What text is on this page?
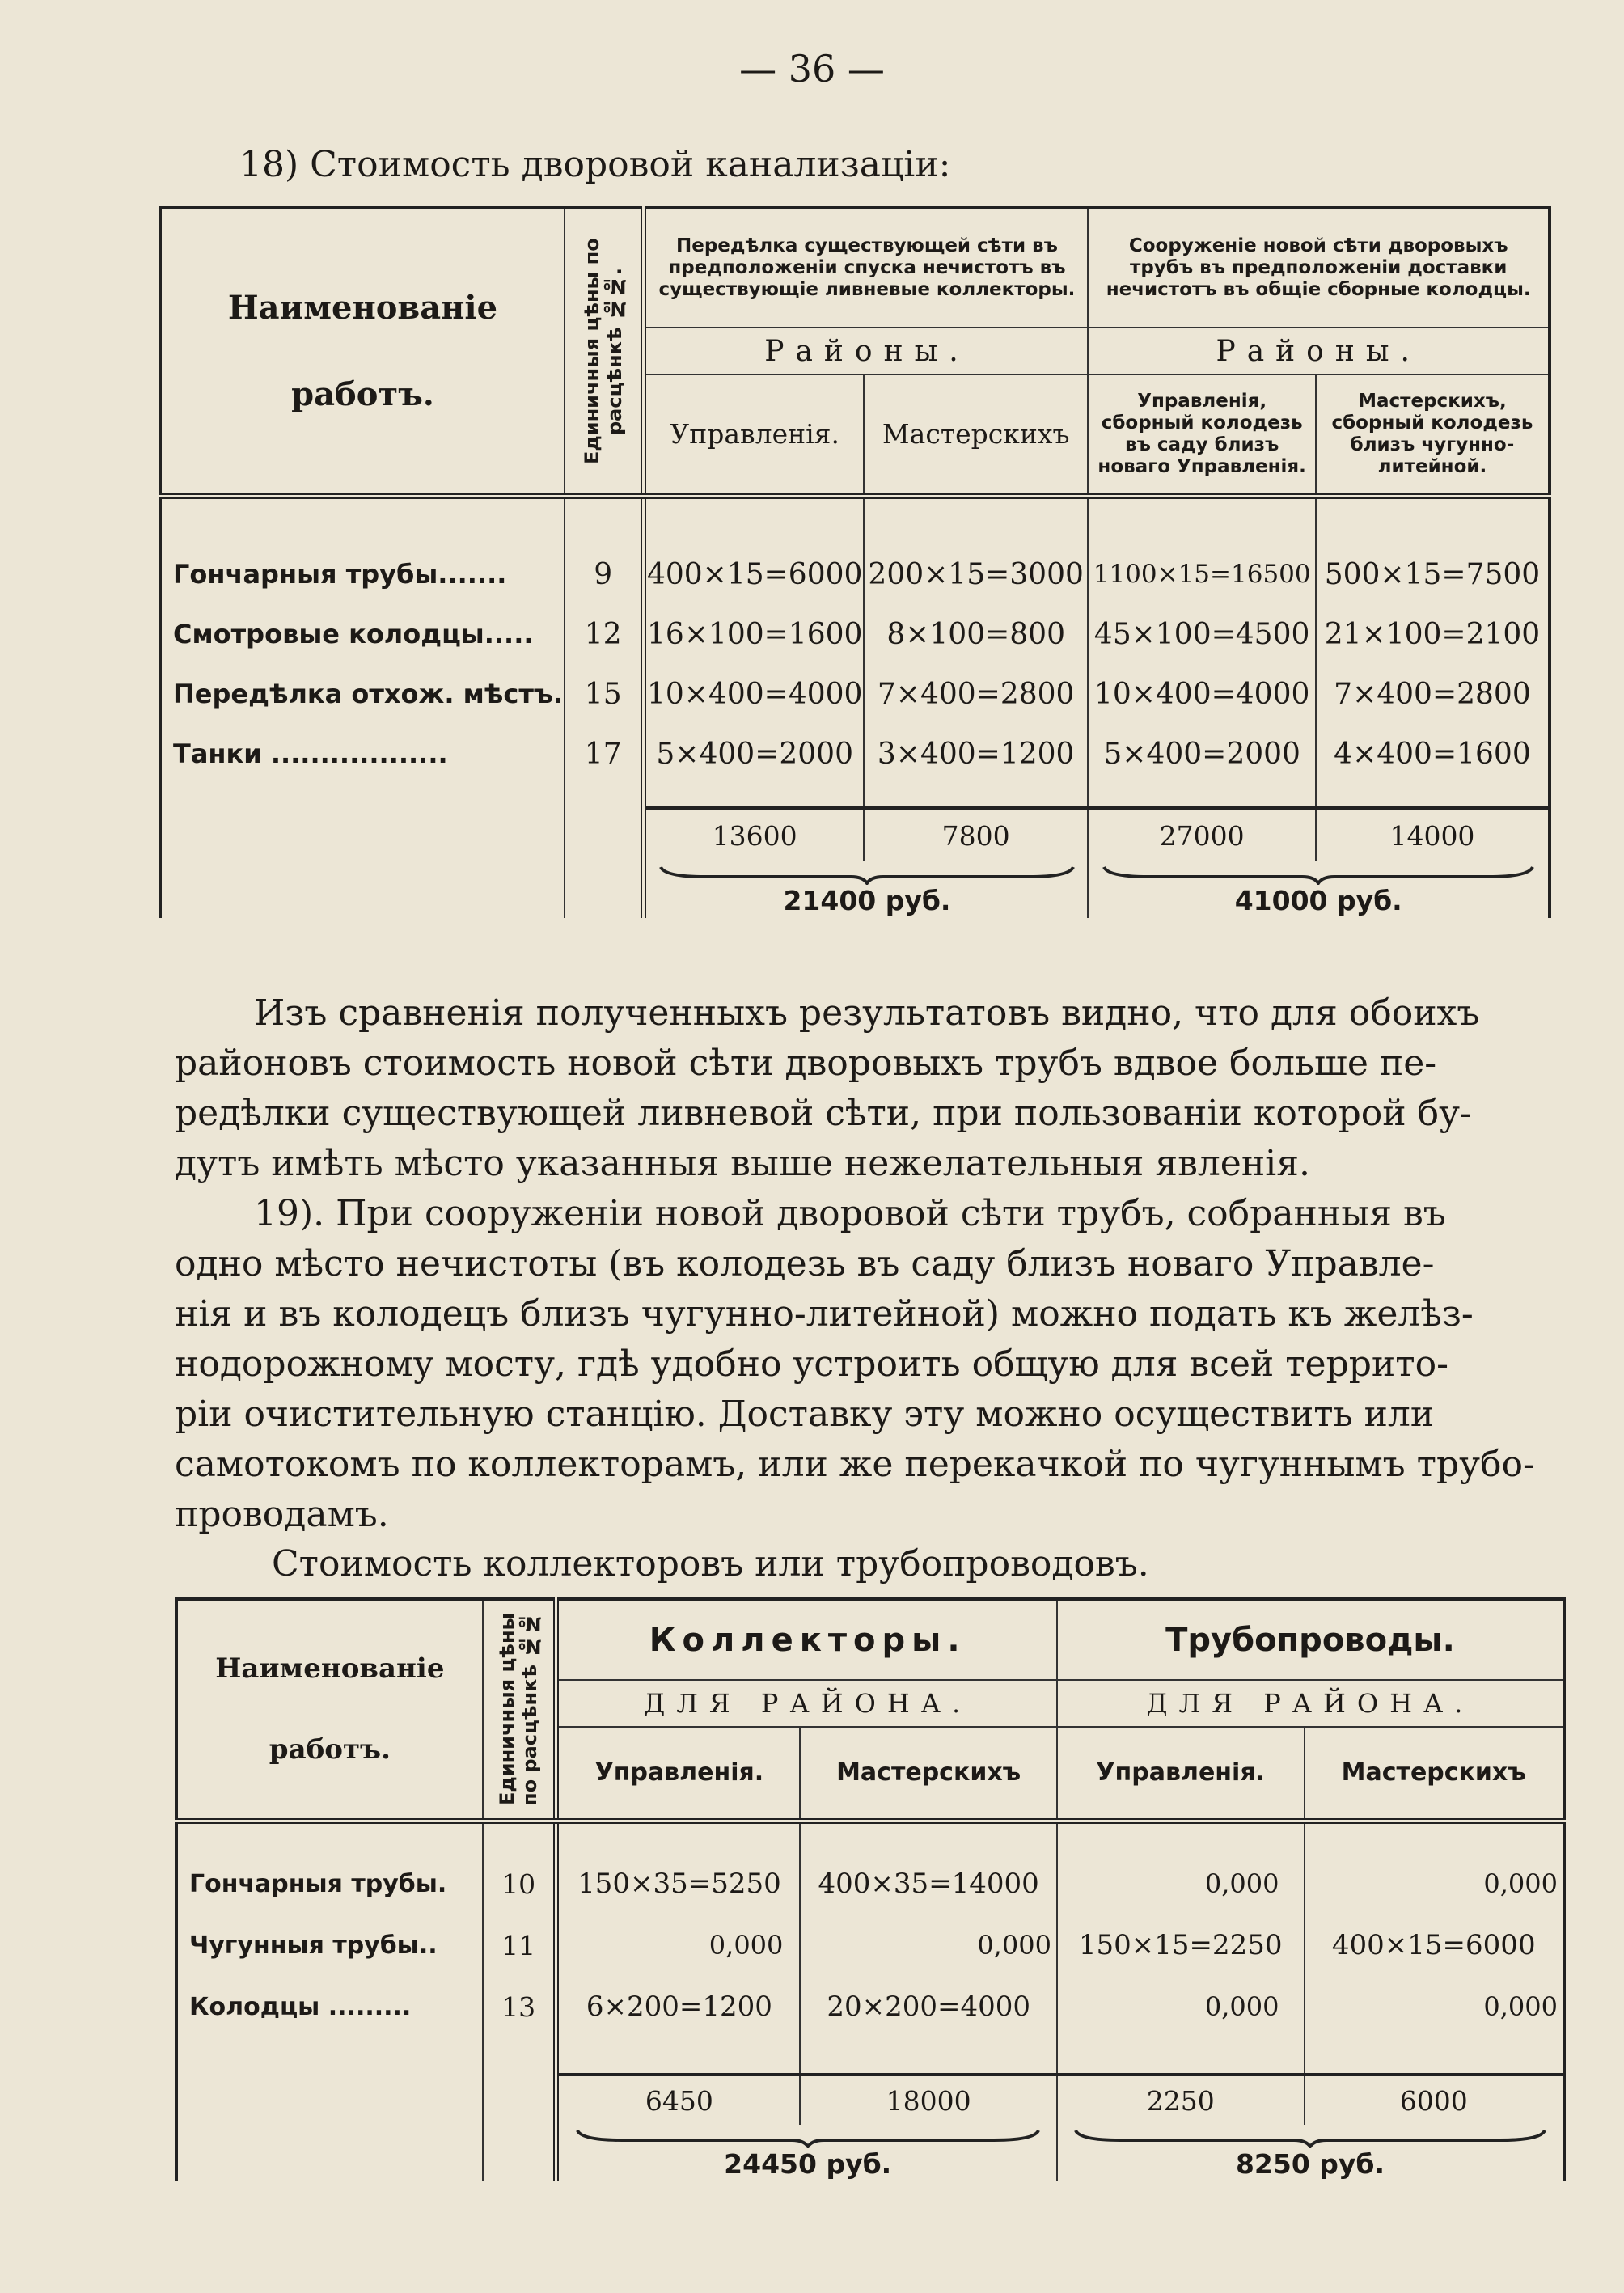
— 36 —
18) Стоимость дворовой канализацiи:
Наименованiе
работъ.	Единичныя цѣны по расцѣнкѣ №№.	Передѣлка существующей сѣти въ предположенiи спуска нечистотъ въ существующiе ливневые коллекторы.		Сооруженiе новой сѣти дворовыхъ трубъ въ предположенiи доставки нечистотъ въ общiе сборные колодцы.	
		Районы.		Районы.	
		Управленiя.	Мастерскихъ	Управленiя, сборный колодезь въ саду близъ новаго Управленiя.	Мастерскихъ, сборный колодезь близъ чугунно-литейной.

Гончарныя трубы.......	9	400×15=6000	200×15=3000	1100×15=16500	500×15=7500
Смотровые колодцы.....	12	16×100=1600	8×100=800	45×100=4500	21×100=2100
Передѣлка отхож. мѣстъ.	15	10×400=4000	7×400=2800	10×400=4000	7×400=2800
Танки ..................	17	5×400=2000	3×400=1200	5×400=2000	4×400=1600

		13600	7800	27000	14000

		21400 руб.		41000 руб.	
Изъ сравненiя полученныхъ результатовъ видно, что для обоихъ
районовъ стоимость новой сѣти дворовыхъ трубъ вдвое больше пе-
редѣлки существующей ливневой сѣти, при пользованiи которой бу-
дутъ имѣть мѣсто указанныя выше нежелательныя явленiя.
19). При сооруженiи новой дворовой сѣти трубъ, собранныя въ
одно мѣсто нечистоты (въ колодезь въ саду близъ новаго Управле-
нiя и въ колодецъ близъ чугунно-литейной) можно подать къ желѣз-
нодорожному мосту, гдѣ удобно устроить общую для всей террито-
рiи очистительную станцiю. Доставку эту можно осуществить или
самотокомъ по коллекторамъ, или же перекачкой по чугуннымъ трубо-
проводамъ.
Стоимость коллекторовъ или трубопроводовъ.
Наименованiе
работъ.	Единичныя цѣны по расцѣнкѣ №№	Коллекторы.		Трубопроводы.	
		ДЛЯ РАЙОНА.		ДЛЯ РАЙОНА.	
		Управленiя.	Мастерскихъ	Управленiя.	Мастерскихъ

Гончарныя трубы.	10	150×35=5250	400×35=14000	0,000	0,000
Чугунныя трубы..	11	0,000	0,000	150×15=2250	400×15=6000
Колодцы .........	13	6×200=1200	20×200=4000	0,000	0,000

		6450	18000	2250	6000

		24450 руб.		8250 руб.	
